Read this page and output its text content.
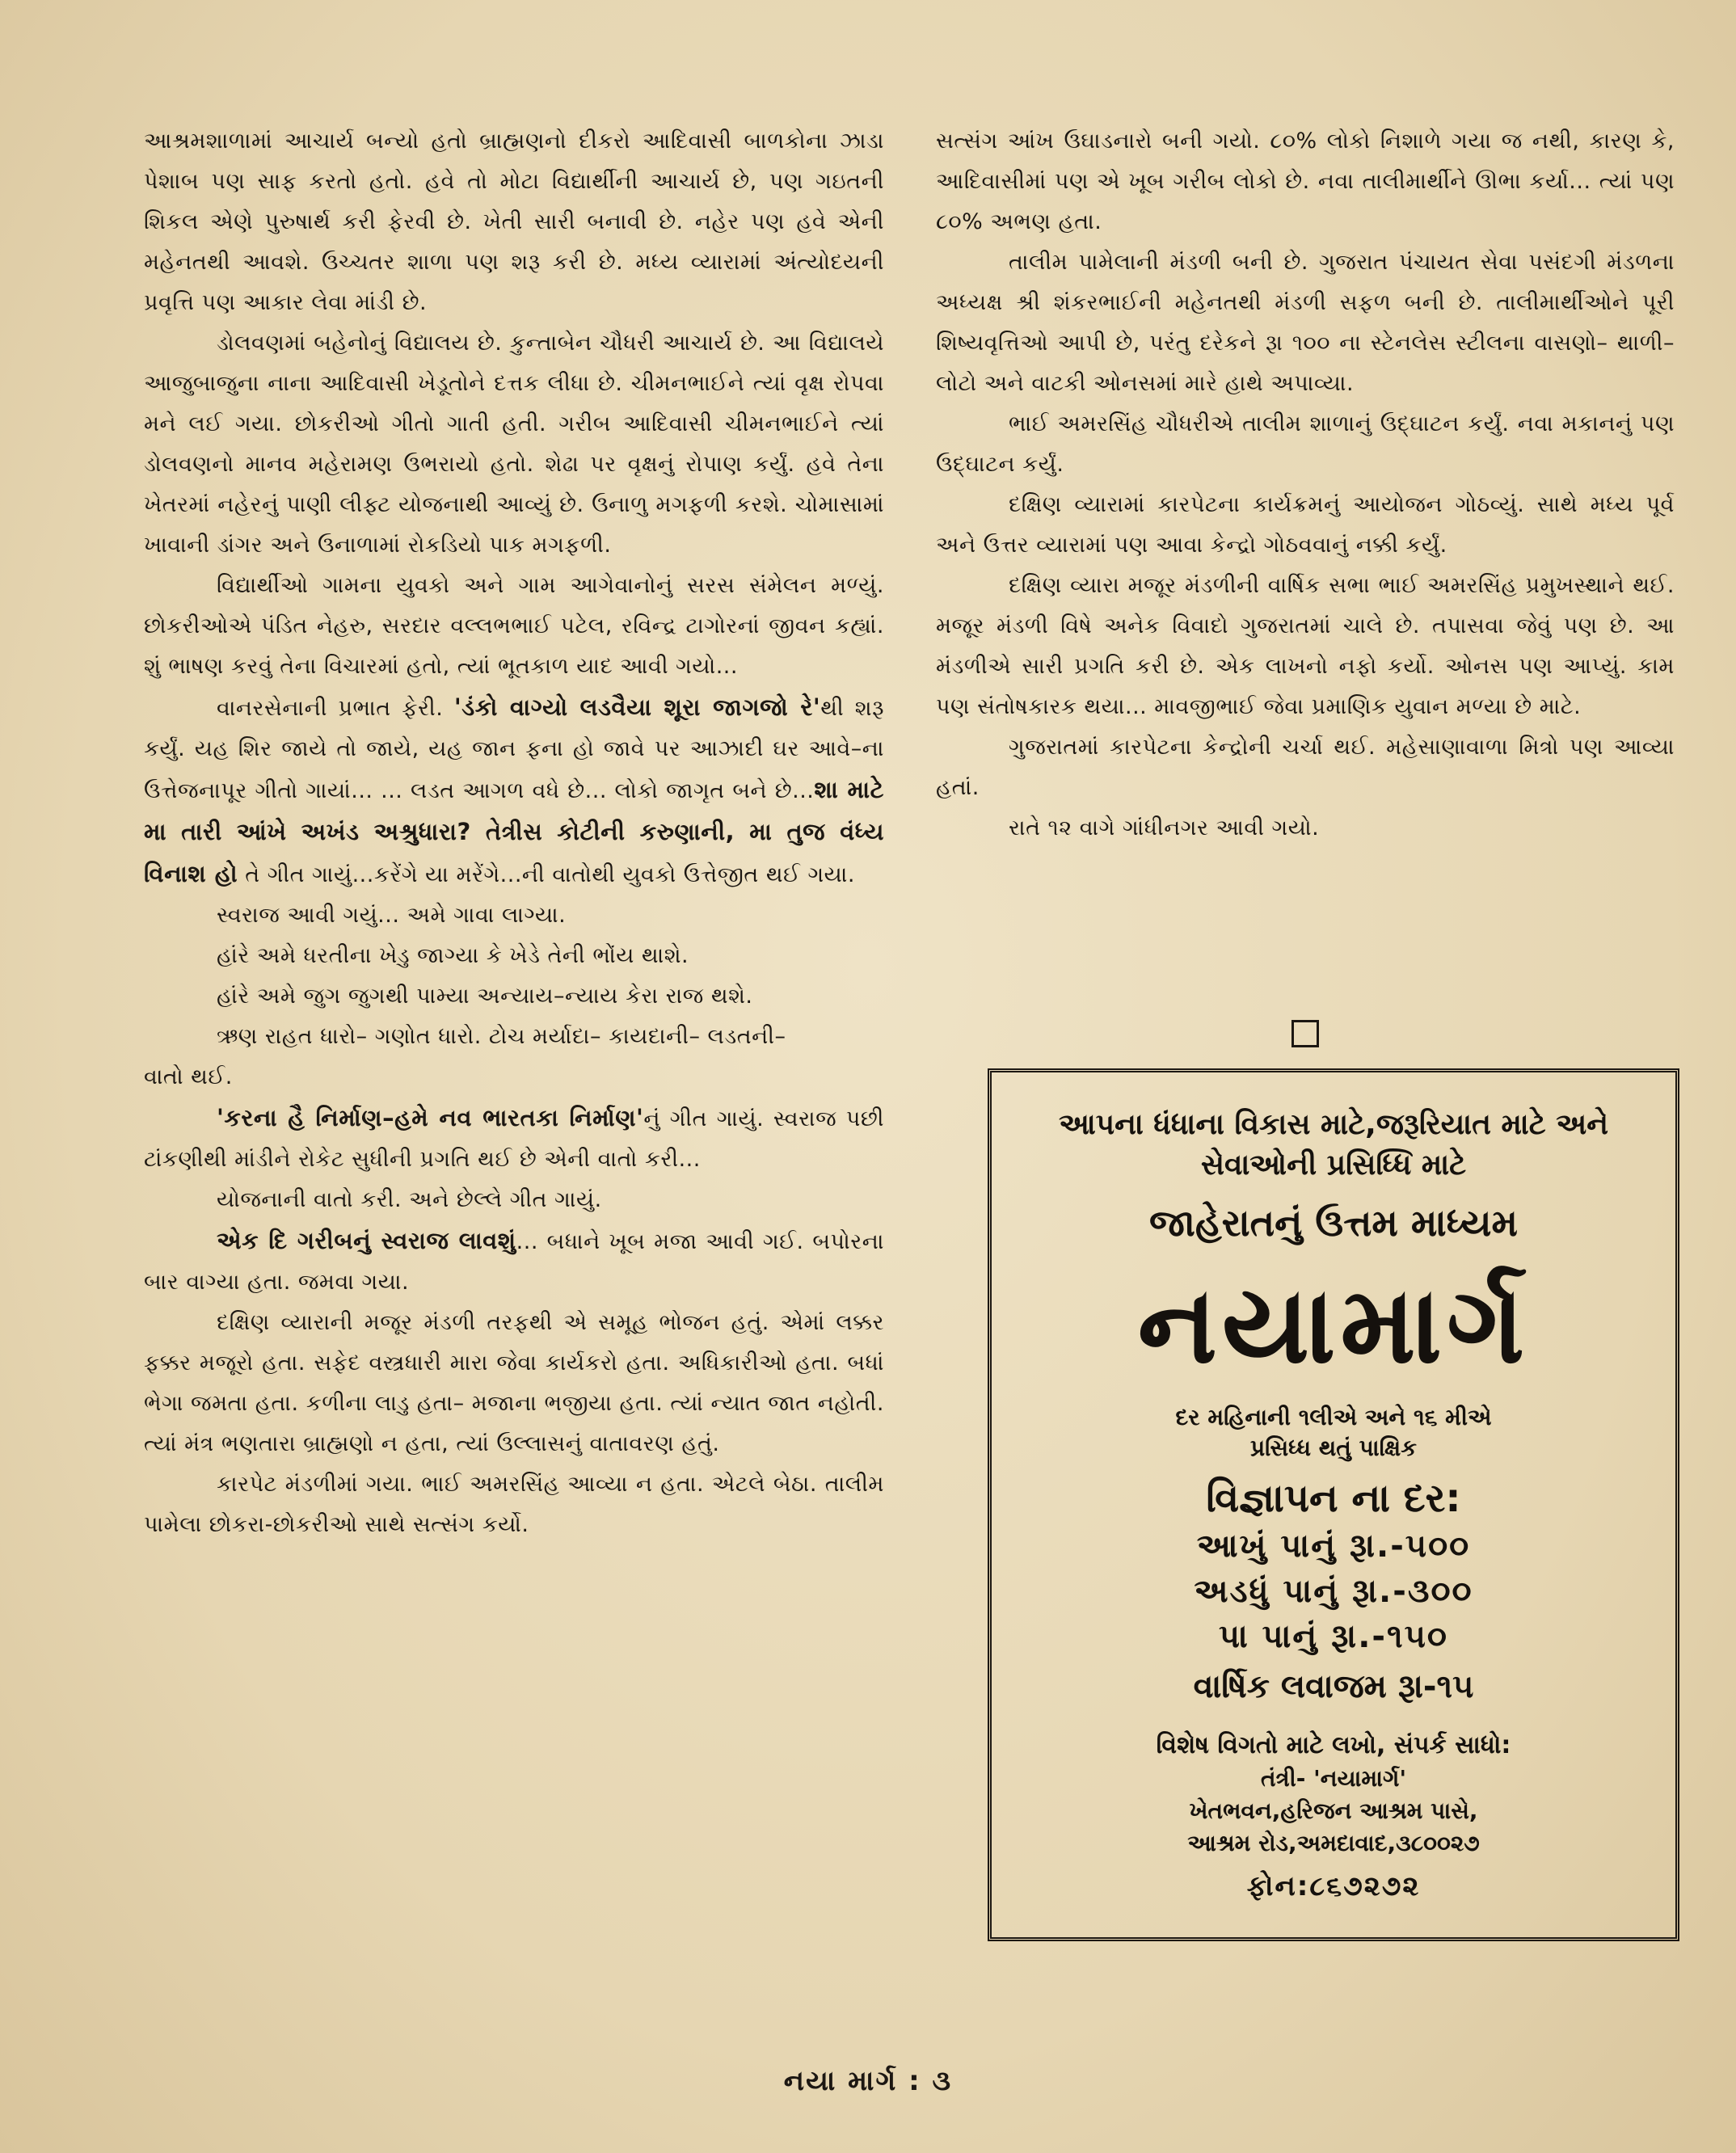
આશ્રમશાળામાં આચાર્ય બન્યો હતો બ્રાહ્મણનો દીકરો આદિવાસી બાળકોના ઝાડા પેશાબ પણ સાફ કરતો હતો. હવે તો મોટા વિદ્યાર્થીની આચાર્ય છે, પણ ગઇતની શિકલ એણે પુરુષાર્થ કરી ફેરવી છે. ખેતી સારી બનાવી છે. નહેર પણ હવે એની મહેનતથી આવશે. ઉચ્ચતર શાળા પણ શરૂ કરી છે. મધ્ય વ્યારામાં અંત્યોદયની પ્રવૃત્તિ પણ આકાર લેવા માંડી છે.

ડોલવણમાં બહેનોનું વિદ્યાલય છે. કુન્તાબેન ચૌધરી આચાર્ય છે. આ વિદ્યાલયે આજુબાજુના નાના આદિવાસી ખેડૂતોને દત્તક લીધા છે. ચીમનભાઈને ત્યાં વૃક્ષ રોપવા મને લઈ ગયા. છોકરીઓ ગીતો ગાતી હતી. ગરીબ આદિવાસી ચીમનભાઈને ત્યાં ડોલવણનો માનવ મહેરામણ ઉભરાયો હતો. શેઢા પર વૃક્ષનું રોપાણ કર્યું. હવે તેના ખેતરમાં નહેરનું પાણી લીફ્ટ યોજનાથી આવ્યું છે. ઉનાળુ મગફળી કરશે. ચોમાસામાં ખાવાની ડાંગર અને ઉનાળામાં રોકડિયો પાક મગફળી.

વિદ્યાર્થીઓ ગામના યુવકો અને ગામ આગેવાનોનું સરસ સંમેલન મળ્યું. છોકરીઓએ પંડિત નેહરુ, સરદાર વલ્લભભાઈ પટેલ, રવિન્દ્ર ટાગોરનાં જીવન કહ્યાં. શું ભાષણ કરવું તેના વિચારમાં હતો, ત્યાં ભૂતકાળ યાદ આવી ગયો...

વાનરસેનાની પ્રભાત ફેરી. 'ડંકો વાગ્યો લડવૈયા શૂરા જાગજો રે'થી શરૂ કર્યું. યહ શિર જાયે તો જાયે, યહ જાન ફના હો જાવે પર આઝાદી ઘર આવે–ના ઉત્તેજનાપૂર ગીતો ગાયાં... ... લડત આગળ વધે છે... લોકો જાગૃત બને છે...શા માટે મા તારી આંખે અખંડ અશ્રુધારા? તેત્રીસ કોટીની કરુણાની, મા તુજ વંધ્ય વિનાશ હો તે ગીત ગાયું...કરેંગે યા મરેંગે...ની વાતોથી યુવકો ઉત્તેજીત થઈ ગયા.

સ્વરાજ આવી ગયું... અમે ગાવા લાગ્યા.

હાંરે અમે ધરતીના ખેડુ જાગ્યા કે ખેડે તેની ભોંય થાશે.

હાંરે અમે જુગ જુગથી પામ્યા અન્યાય–ન્યાય કેરા રાજ થશે.

ઋણ રાહત ધારો– ગણોત ધારો. ટોચ મર્યાદા– કાયદાની– લડતની–

વાતો થઈ.

'કરના હૈ નિર્માણ–હમે નવ ભારતકા નિર્માણ'નું ગીત ગાયું. સ્વરાજ પછી ટાંકણીથી માંડીને રોકેટ સુધીની પ્રગતિ થઈ છે એની વાતો કરી...

યોજનાની વાતો કરી. અને છેલ્લે ગીત ગાયું.

એક દિ ગરીબનું સ્વરાજ લાવશું... બધાને ખૂબ મજા આવી ગઈ. બપોરના બાર વાગ્યા હતા. જમવા ગયા.

દક્ષિણ વ્યારાની મજૂર મંડળી તરફથી એ સમૂહ ભોજન હતું. એમાં લક્કર ફક્કર મજૂરો હતા. સફેદ વસ્ત્રધારી મારા જેવા કાર્યકરો હતા. અધિકારીઓ હતા. બધાં ભેગા જમતા હતા. કળીના લાડુ હતા– મજાના ભજીયા હતા. ત્યાં ન્યાત જાત નહોતી. ત્યાં મંત્ર ભણતારા બ્રાહ્મણો ન હતા, ત્યાં ઉલ્લાસનું વાતાવરણ હતું.

કારપેટ મંડળીમાં ગયા. ભાઈ અમરસિંહ આવ્યા ન હતા. એટલે બેઠા. તાલીમ પામેલા છોકરા-છોકરીઓ સાથે સત્સંગ કર્યો.

સત્સંગ આંખ ઉઘાડનારો બની ગયો. ૮૦% લોકો નિશાળે ગયા જ નથી, કારણ કે, આદિવાસીમાં પણ એ ખૂબ ગરીબ લોકો છે. નવા તાલીમાર્થીને ઊભા કર્યા... ત્યાં પણ ૮૦% અભણ હતા.

તાલીમ પામેલાની મંડળી બની છે. ગુજરાત પંચાયત સેવા પસંદગી મંડળના અધ્યક્ષ શ્રી શંકરભાઈની મહેનતથી મંડળી સફળ બની છે. તાલીમાર્થીઓને પૂરી શિષ્યવૃત્તિઓ આપી છે, પરંતુ દરેકને રૂા ૧૦૦ ના સ્ટેનલેસ સ્ટીલના વાસણો– થાળી– લોટો અને વાટકી ઓનસમાં મારે હાથે અપાવ્યા.

ભાઈ અમરસિંહ ચૌધરીએ તાલીમ શાળાનું ઉદ્ઘાટન કર્યું. નવા મકાનનું પણ ઉદ્ઘાટન કર્યું.

દક્ષિણ વ્યારામાં કારપેટના કાર્યક્રમનું આયોજન ગોઠવ્યું. સાથે મધ્ય પૂર્વ અને ઉત્તર વ્યારામાં પણ આવા કેન્દ્રો ગોઠવવાનું નક્કી કર્યું.

દક્ષિણ વ્યારા મજૂર મંડળીની વાર્ષિક સભા ભાઈ અમરસિંહ પ્રમુખસ્થાને થઈ. મજૂર મંડળી વિષે અનેક વિવાદો ગુજરાતમાં ચાલે છે. તપાસવા જેવું પણ છે. આ મંડળીએ સારી પ્રગતિ કરી છે. એક લાખનો નફો કર્યો. ઓનસ પણ આપ્યું. કામ પણ સંતોષકારક થયા... માવજીભાઈ જેવા પ્રમાણિક યુવાન મળ્યા છે માટે.

ગુજરાતમાં કારપેટના કેન્દ્રોની ચર્ચા થઈ. મહેસાણાવાળા મિત્રો પણ આવ્યા હતાં.

રાતે ૧૨ વાગે ગાંધીનગર આવી ગયો.

આપના ધંધાના વિકાસ માટે,જરૂરિયાત માટે અને
સેવાઓની પ્રસિધ્ધિ માટે
જાહેરાતનું ઉત્તમ માધ્યમ
નયામાર્ગ
દર મહિનાની ૧લીએ અને ૧૬ મીએ
પ્રસિધ્ધ થતું પાક્ષિક
વિજ્ઞાપન ના દર:
આખું પાનું રૂા.-૫૦૦
અડધું પાનું રૂા.-૩૦૦
પા પાનું રૂા.-૧૫૦
વાર્ષિક લવાજમ રૂા-૧૫
વિશેષ વિગતો માટે લખો, સંપર્ક સાધો:
તંત્રી- 'નયામાર્ગ'
ખેતભવન,હરિજન આશ્રમ પાસે,
આશ્રમ રોડ,અમદાવાદ,૩૮૦૦૨૭
ફોન:૮૬૭૨૭૨
નયા માર્ગ : ૩
